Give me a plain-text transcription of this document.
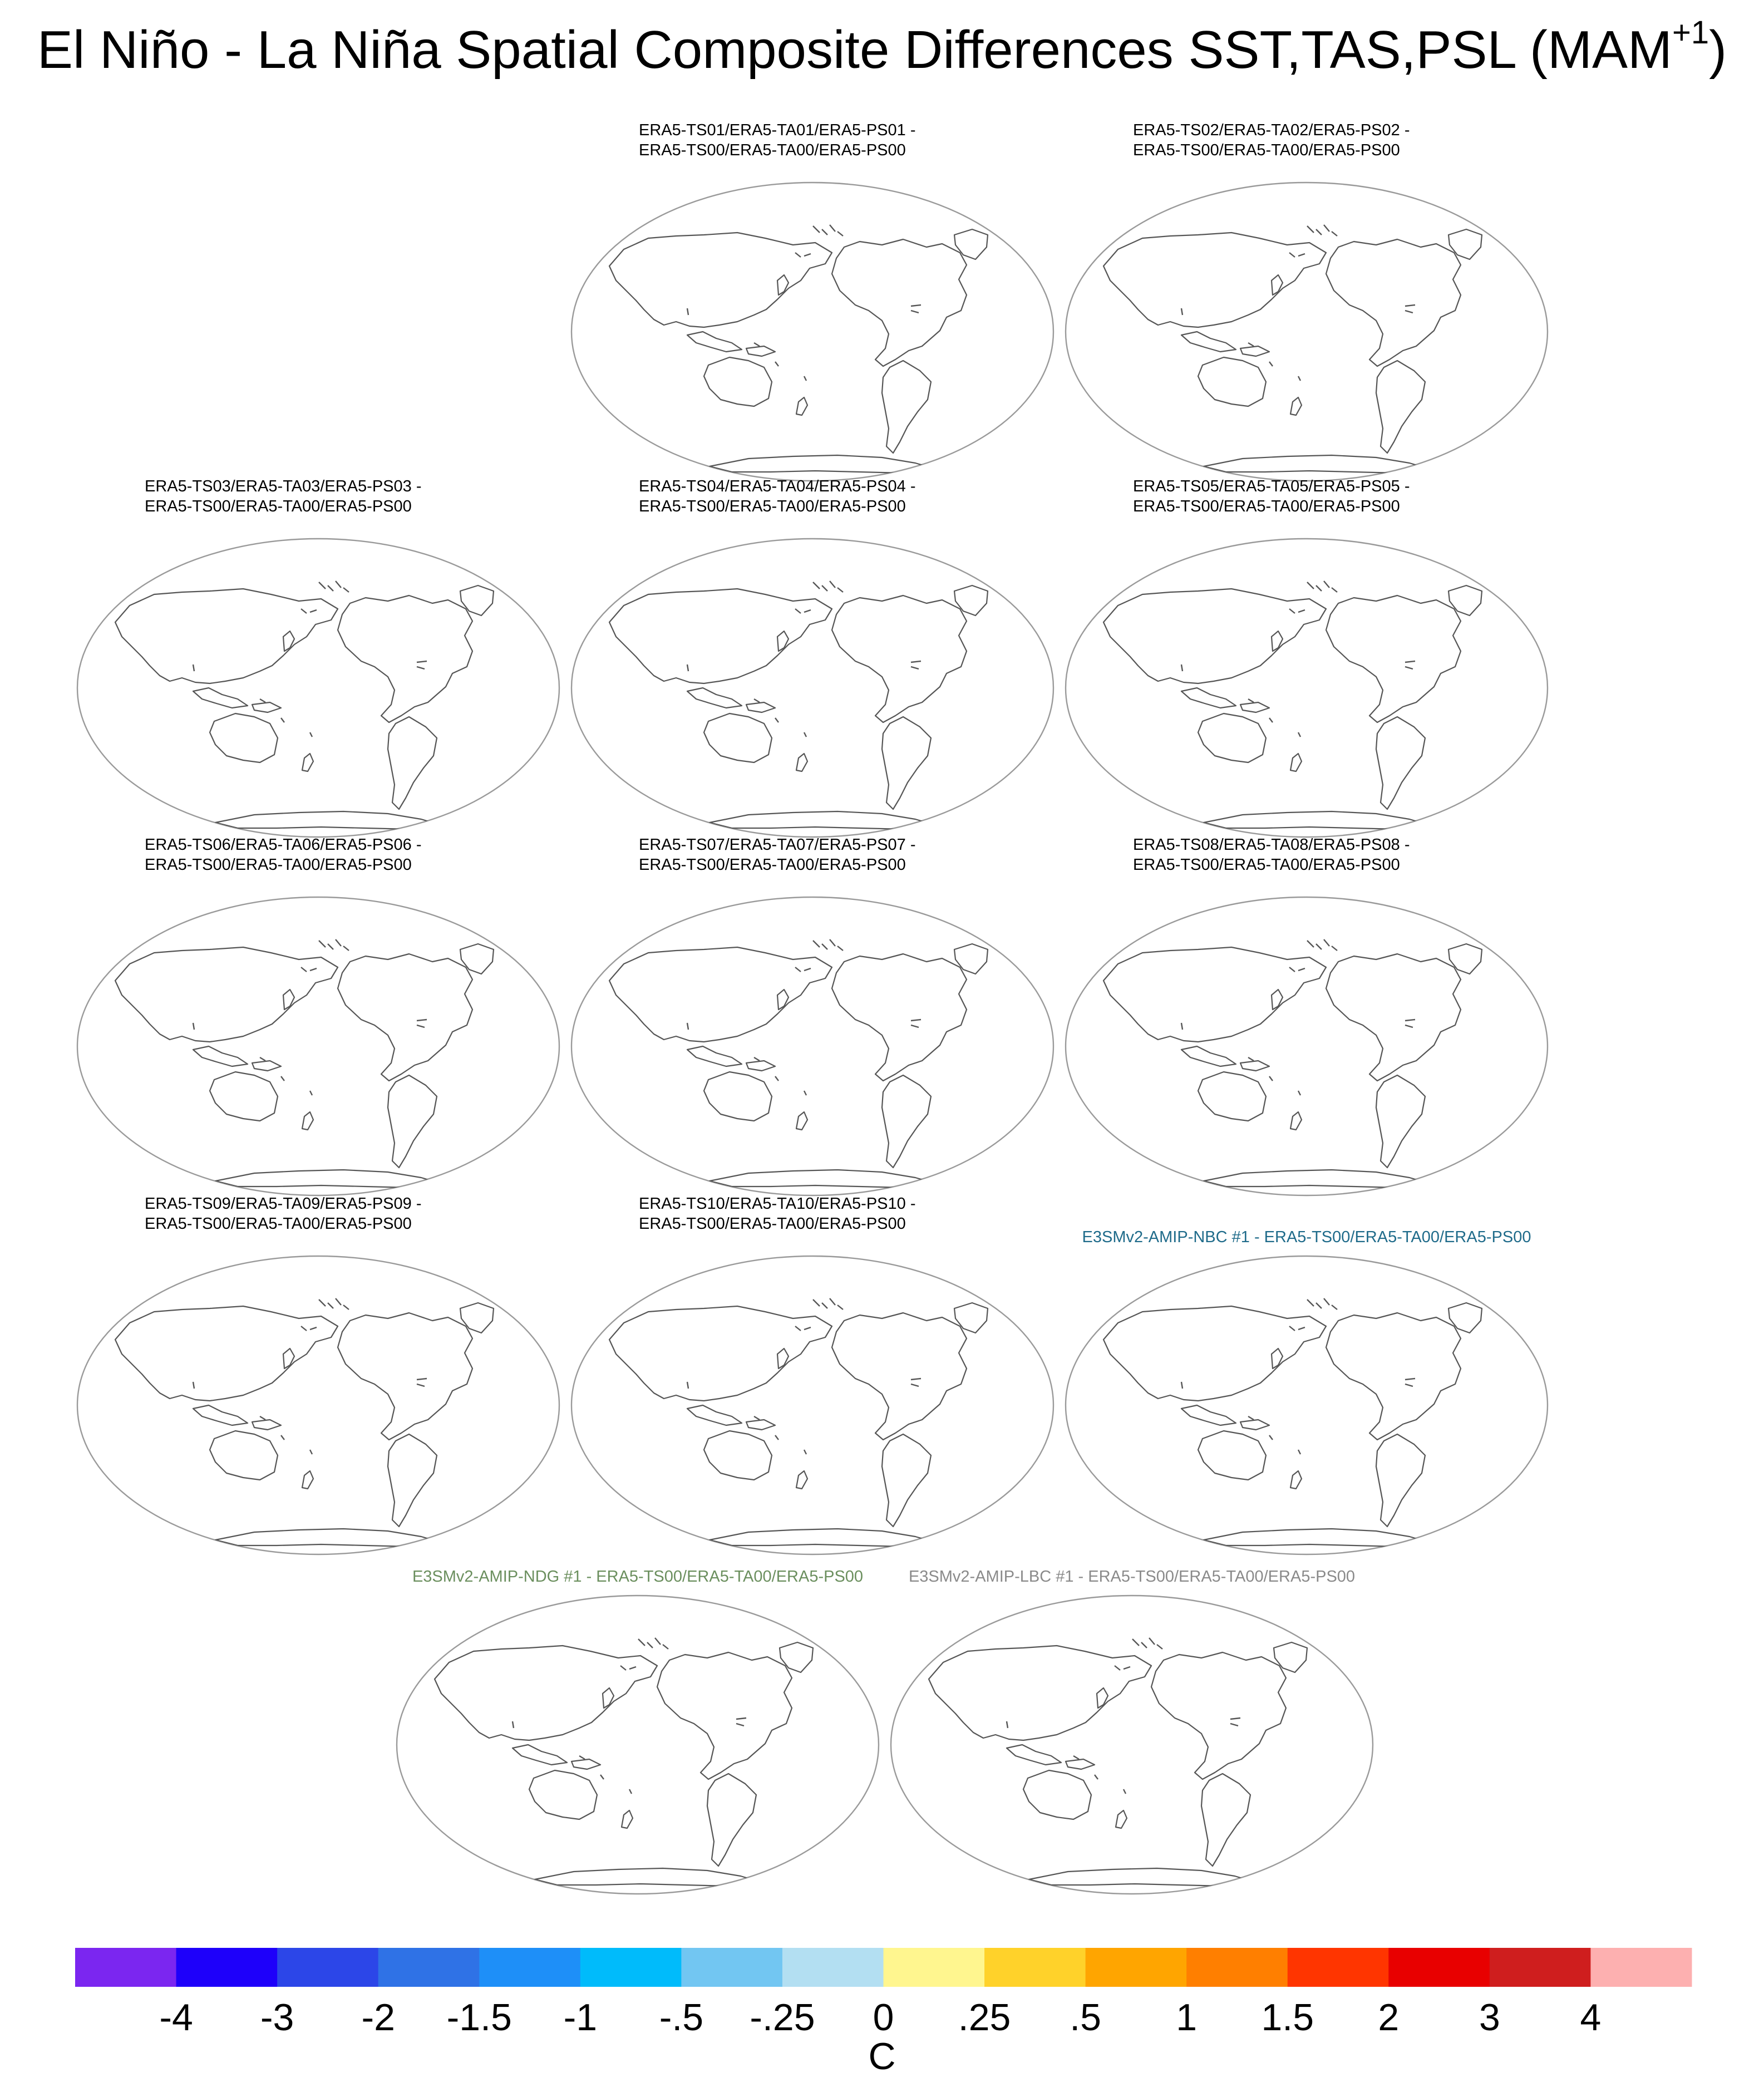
El Niño - La Niña Spatial Composite Differences SST,TAS,PSL $(MAM^{+1})$
ERA5-TS01/ERA5-TA01/ERA5-PS01 -
ERA5-TS00/ERA5-TA00/ERA5-PS00
ERA5-TS02/ERA5-TA02/ERA5-PS02 -
ERA5-TS00/ERA5-TA00/ERA5-PS00
ERA5-TS03/ERA5-TA03/ERA5-PS03 -
ERA5-TS00/ERA5-TA00/ERA5-PS00
ERA5-TS04/ERA5-TA04/ERA5-PS04 -
ERA5-TS00/ERA5-TA00/ERA5-PS00
ERA5-TS05/ERA5-TA05/ERA5-PS05 -
ERA5-TS00/ERA5-TA00/ERA5-PS00
ERA5-TS06/ERA5-TA06/ERA5-PS06 -
ERA5-TS00/ERA5-TA00/ERA5-PS00
ERA5-TS07/ERA5-TA07/ERA5-PS07 -
ERA5-TS00/ERA5-TA00/ERA5-PS00
ERA5-TS08/ERA5-TA08/ERA5-PS08 -
ERA5-TS00/ERA5-TA00/ERA5-PS00
ERA5-TS09/ERA5-TA09/ERA5-PS09 -
ERA5-TS00/ERA5-TA00/ERA5-PS00
ERA5-TS10/ERA5-TA10/ERA5-PS10 -
ERA5-TS00/ERA5-TA00/ERA5-PS00
E3SMv2-AMIP-NBC #1 - ERA5-TS00/ERA5-TA00/ERA5-PS00
E3SMv2-AMIP-NDG #1 - ERA5-TS00/ERA5-TA00/ERA5-PS00	E3SMv2-AMIP-LBC #1 - ERA5-TS00/ERA5-TA00/ERA5-PS00
-4 -3 -2 -1.5 -1 -.5 -.25 0 .25 .5 1 1.5 2 3 4
C
